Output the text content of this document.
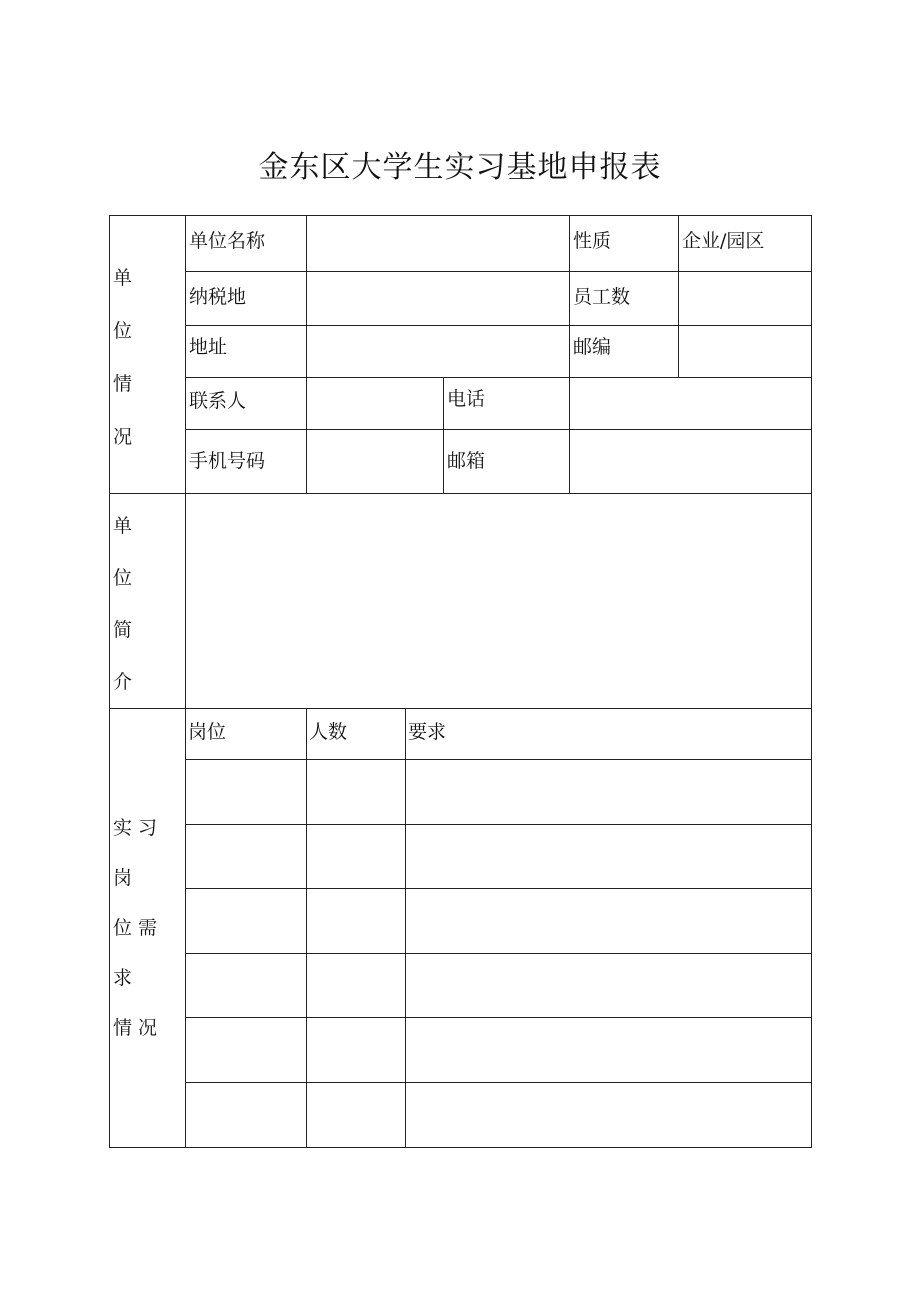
金东区大学生实习基地申报表
单
位
情
况	单位名称				性质	企业/园区
	纳税地				员工数	
	地址				邮编	
	联系人			电话		
	手机号码			邮箱		

单
位
简
介						

实习岗
位需求
情况	岗位	人数	要求			
